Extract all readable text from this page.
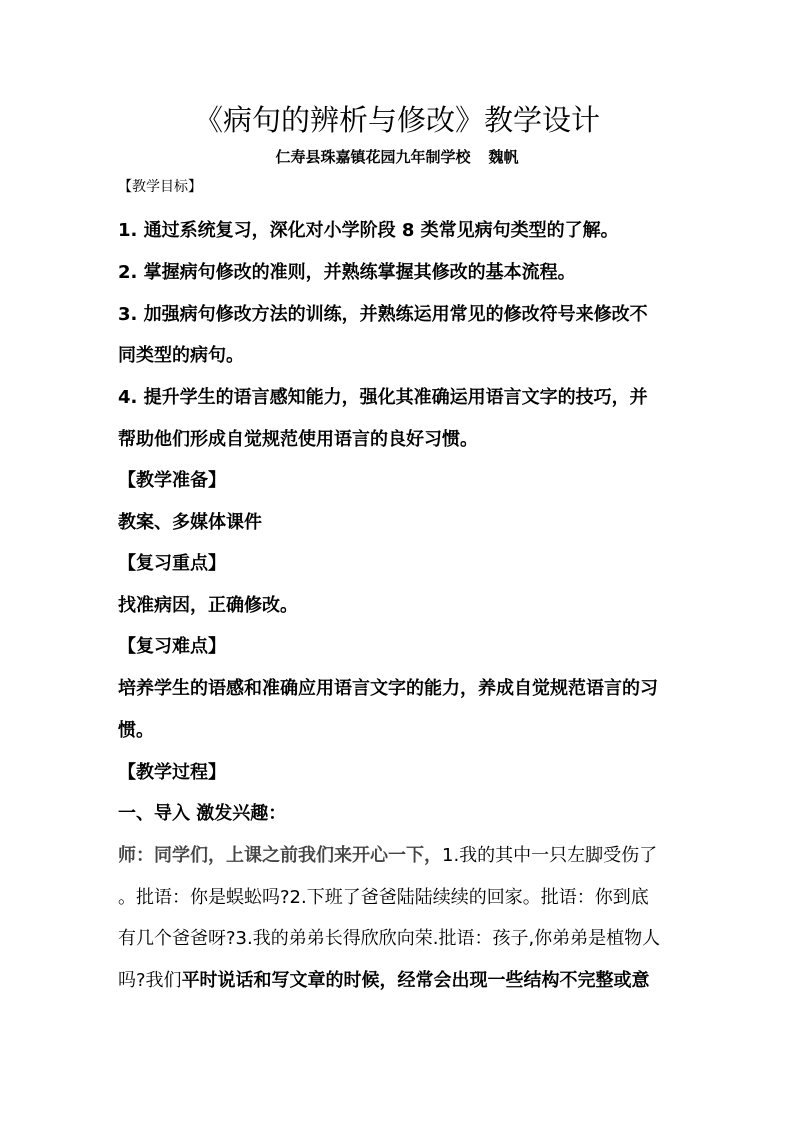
《病句的辨析与修改》教学设计
仁寿县珠嘉镇花园九年制学校 魏帆
【教学目标】
1. 通过系统复习，深化对小学阶段 8 类常见病句类型的了解。
2. 掌握病句修改的准则，并熟练掌握其修改的基本流程。
3. 加强病句修改方法的训练，并熟练运用常见的修改符号来修改不
同类型的病句。
4. 提升学生的语言感知能力，强化其准确运用语言文字的技巧，并
帮助他们形成自觉规范使用语言的良好习惯。
【教学准备】
教案、多媒体课件
【复习重点】
找准病因，正确修改。
【复习难点】
培养学生的语感和准确应用语言文字的能力，养成自觉规范语言的习
惯。
【教学过程】
一、导入 激发兴趣：
师：同学们，上课之前我们来开心一下，1.我的其中一只左脚受伤了
。批语：你是蜈蚣吗?2.下班了爸爸陆陆续续的回家。批语：你到底
有几个爸爸呀?3.我的弟弟长得欣欣向荣.批语：孩子,你弟弟是植物人
吗?我们平时说话和写文章的时候，经常会出现一些结构不完整或意
